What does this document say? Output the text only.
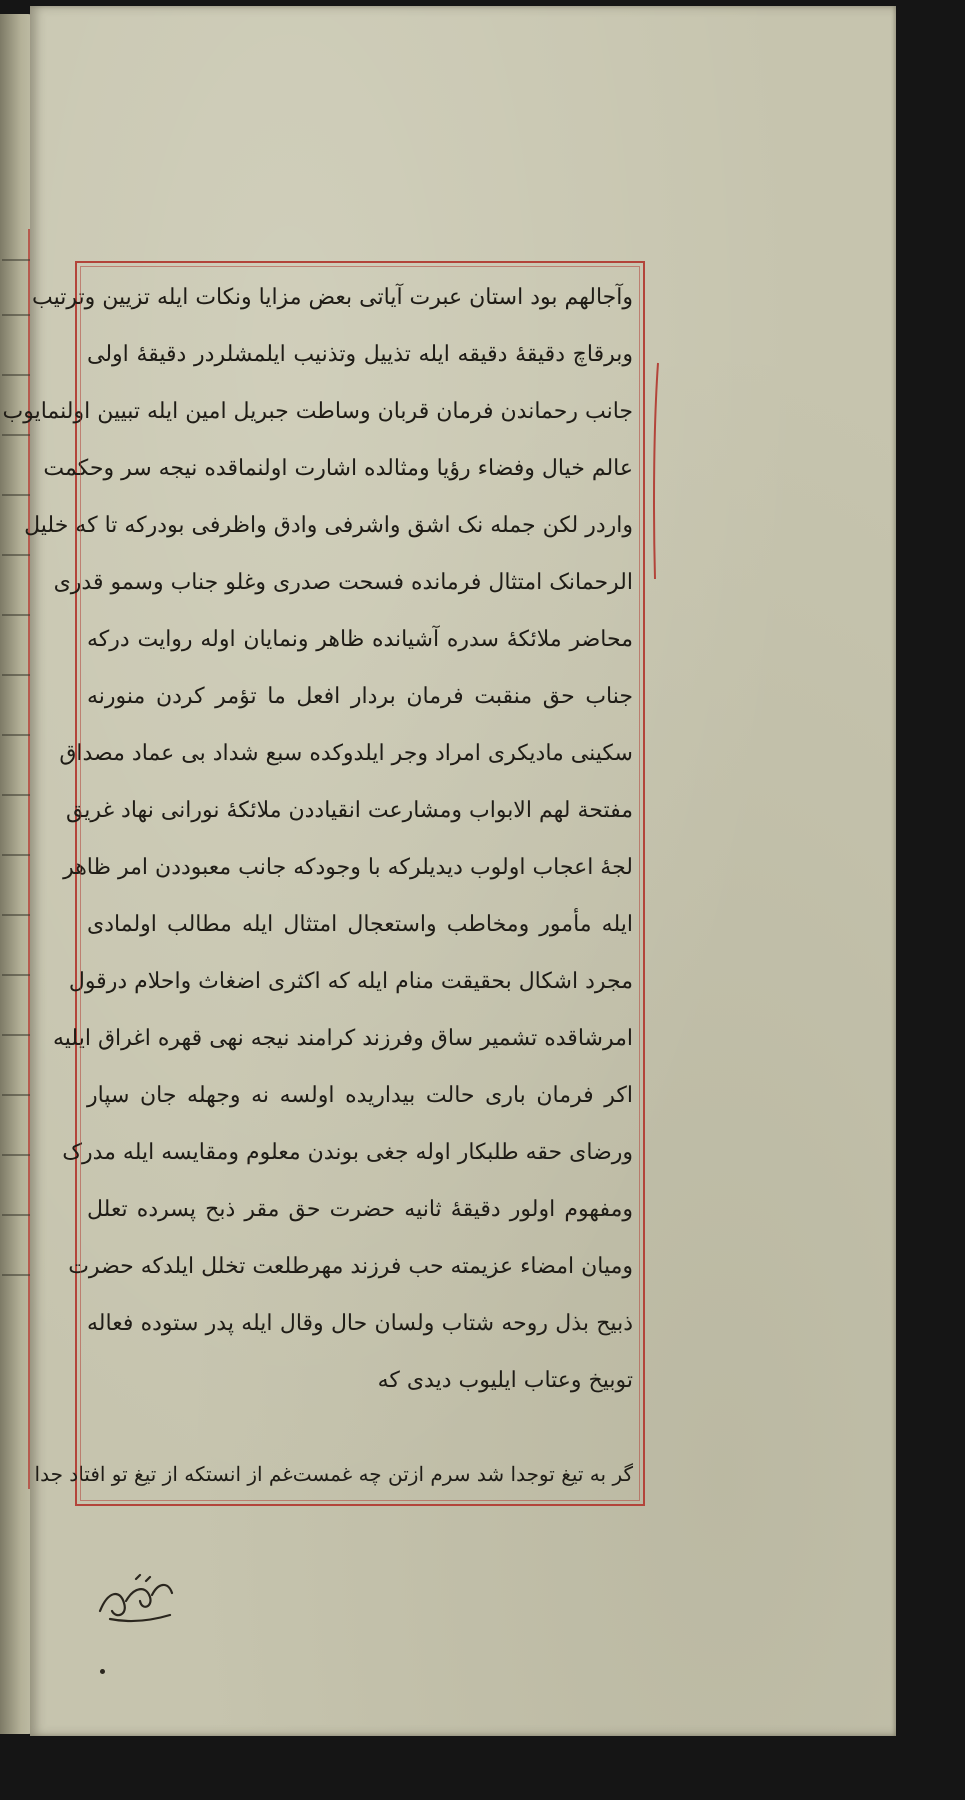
وآجالهم بود استان عبرت آیاتی بعض مزایا ونکات ایله تزیین وترتیب
وبرقاچ دقیقهٔ دقیقه ایله تذییل وتذنیب ایلمشلردر دقیقهٔ اولی
جانب رحماندن فرمان قربان وساطت جبریل امین ایله تبیین اولنمایوب
عالم خیال وفضاء رؤیا ومثالده اشارت اولنماقده نیجه سر وحکمت
واردر لکن جمله نک اشق واشرفی وادق واظرفی بودرکه تا که خلیل
الرحمانک امتثال فرمانده فسحت صدری وغلو جناب وسمو قدری
محاضر ملائکهٔ سدره آشیانده ظاهر ونمایان اوله روایت درکه
جناب حق منقبت فرمان بردار افعل ما تؤمر کردن منورنه
سکینی مادیکری امراد وجر ایلدوکده سبع شداد بی عماد مصداق
مفتحة لهم الابواب ومشارعت انقیاددن ملائکهٔ نورانی نهاد غریق
لجهٔ اعجاب اولوب دیدیلرکه با وجودکه جانب معبوددن امر ظاهر
ایله مأمور ومخاطب واستعجال امتثال ایله مطالب اولمادی
مجرد اشکال بحقیقت منام ایله که اکثری اضغاث واحلام درقول
امرشاقده تشمیر ساق وفرزند کرامند نیجه نهی قهره اغراق ایلیه
اکر فرمان باری حالت بیداریده اولسه نه وجهله جان سپار
ورضای حقه طلبکار اوله جغی بوندن معلوم ومقایسه ایله مدرک
ومفهوم اولور دقیقهٔ ثانیه حضرت حق مقر ذبح پسرده تعلل
ومیان امضاء عزیمته حب فرزند مهرطلعت تخلل ایلدکه حضرت
ذبیح بذل روحه شتاب ولسان حال وقال ایله پدر ستوده فعاله
توبیخ وعتاب ایلیوب دیدی که
گر به تیغ توجدا شد سرم ازتن چه غمست
غم از انستکه از تیغ تو افتاد جدا
